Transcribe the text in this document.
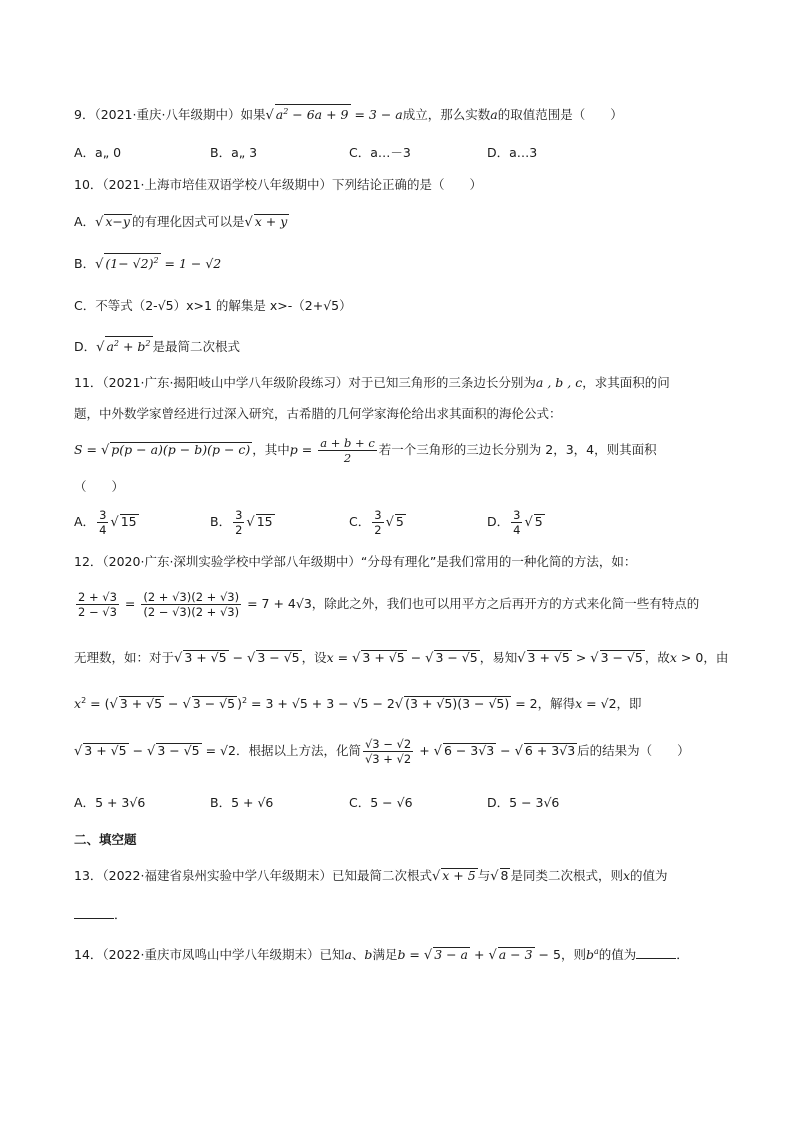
9．（2021·重庆·八年级期中）如果√ $a^2 - 6a + 9 = 3 - a$成立，那么实数a的取值范围是（　　）
A．a„ 0	B．a„ 3	C．a…－3	D．a…3
10．（2021·上海市培佳双语学校八年级期中）下列结论正确的是（　　）
A．√ x−y 的有理化因式可以是√ x + y
B．√ $(1- √2)^2 = 1 - √2$
C．不等式（2-√5）x>1 的解集是 x>-（2+√5）
D．√ $a^2 + b^2$ 是最简二次根式
11．（2021·广东·揭阳岐山中学八年级阶段练习）对于已知三角形的三条边长分别为a , b , c，求其面积的问
题，中外数学家曾经进行过深入研究，古希腊的几何学家海伦给出求其面积的海伦公式：
S = √ p(p − a)(p − b)(p − c) ，其中$p = \frac{a + b + c}{2}$ 若一个三角形的三边长分别为 2，3，4，则其面积
（　　）
A． $\frac{3}{4}$ √ 15	B． $\frac{3}{2}$ √ 15	C． $\frac{3}{2}$ √ 5	D． $\frac{3}{4}$ √ 5
12．（2020·广东·深圳实验学校中学部八年级期中）“分母有理化”是我们常用的一种化简的方法，如：
$\frac{2 + √3}{2 - √3} = \frac{(2 + √3)(2 + √3)}{(2 - √3)(2 + √3)} = 7 + 4√3$，除此之外，我们也可以用平方之后再开方的方式来化简一些有特点的
无理数，如：对于√ 3 + √5 − √ 3 − √5 ，设x = √ 3 + √5 − √ 3 − √5 ，易知√ 3 + √5 > √ 3 − √5 ，故x > 0，由
$x^2$ = (√ 3 + √5 − √ 3 − √5 )$^2$ = 3 + √5 + 3 − √5 − 2√ (3 + √5)(3 − √5) = 2，解得x = √2，即
√ 3 + √5 − √ 3 − √5 = √2．根据以上方法，化简 $\frac{√3 - √2}{√3 + √2}$ + √ 6 − 3√3 − √ 6 + 3√3 后的结果为（　　）
A．5 + 3√6	B．5 + √6	C．5 − √6	D．5 − 3√6
二、填空题
13．（2022·福建省泉州实验中学八年级期末）已知最简二次根式√ x + 5 与√ 8 是同类二次根式，则x的值为
．
14．（2022·重庆市凤鸣山中学八年级期末）已知a、b满足b = √ 3 − a + √ a − 3 − 5，则$b^a$的值为	．
